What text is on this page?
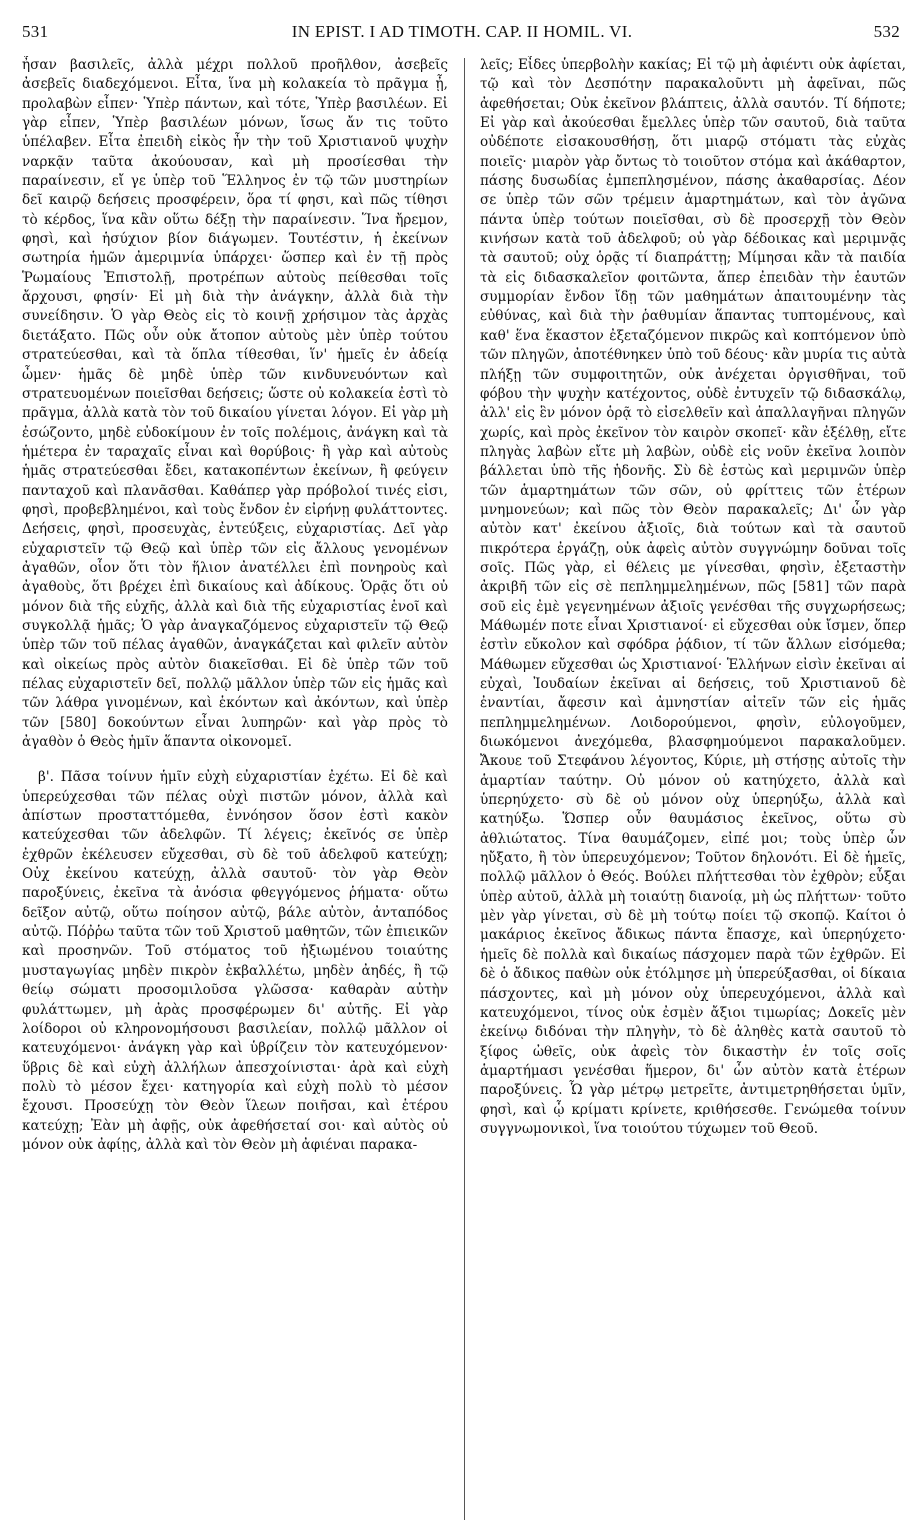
531	IN EPIST. I AD TIMOTH. CAP. II HOMIL. VI.	532

ἦσαν βασιλεῖς, ἀλλὰ μέχρι πολλοῦ προῆλθον, ἀσεβεῖς ἀσεβεῖς διαδεχόμενοι. Εἶτα, ἵνα μὴ κολακεία τὸ πρᾶγμα ᾖ, προλαβὼν εἶπεν· Ὑπὲρ πάντων, καὶ τότε, Ὑπὲρ βασιλέων. Εἰ γὰρ εἶπεν, Ὑπὲρ βασιλέων μόνων, ἴσως ἄν τις τοῦτο ὑπέλαβεν. Εἶτα ἐπειδὴ εἰκὸς ἦν τὴν τοῦ Χριστιανοῦ ψυχὴν ναρκᾷν ταῦτα ἀκούουσαν, καὶ μὴ προσίεσθαι τὴν παραίνεσιν, εἴ γε ὑπὲρ τοῦ Ἕλληνος ἐν τῷ τῶν μυστηρίων δεῖ καιρῷ δεήσεις προσφέρειν, ὅρα τί φησι, καὶ πῶς τίθησι τὸ κέρδος, ἵνα κἂν οὕτω δέξῃ τὴν παραίνεσιν. Ἵνα ἤρεμον, φησὶ, καὶ ἡσύχιον βίον διάγωμεν. Τουτέστιν, ἡ ἐκείνων σωτηρία ἡμῶν ἀμεριμνία ὑπάρχει· ὥσπερ καὶ ἐν τῇ πρὸς Ῥωμαίους Ἐπιστολῇ, προτρέπων αὐτοὺς πείθεσθαι τοῖς ἄρχουσι, φησίν· Εἰ μὴ διὰ τὴν ἀνάγκην, ἀλλὰ διὰ τὴν συνείδησιν. Ὁ γὰρ Θεὸς εἰς τὸ κοινῇ χρήσιμον τὰς ἀρχὰς διετάξατο. Πῶς οὖν οὐκ ἄτοπον αὐτοὺς μὲν ὑπὲρ τούτου στρατεύεσθαι, καὶ τὰ ὅπλα τίθεσθαι, ἵν' ἡμεῖς ἐν ἀδείᾳ ὦμεν· ἡμᾶς δὲ μηδὲ ὑπὲρ τῶν κινδυνευόντων καὶ στρατευομένων ποιεῖσθαι δεήσεις; ὥστε οὐ κολακεία ἐστὶ τὸ πρᾶγμα, ἀλλὰ κατὰ τὸν τοῦ δικαίου γίνεται λόγον. Εἰ γὰρ μὴ ἐσώζοντο, μηδὲ εὐδοκίμουν ἐν τοῖς πολέμοις, ἀνάγκη καὶ τὰ ἡμέτερα ἐν ταραχαῖς εἶναι καὶ θορύβοις· ἢ γὰρ καὶ αὐτοὺς ἡμᾶς στρατεύεσθαι ἔδει, κατακοπέντων ἐκείνων, ἢ φεύγειν πανταχοῦ καὶ πλανᾶσθαι. Καθάπερ γὰρ πρόβολοί τινές εἰσι, φησὶ, προβεβλημένοι, καὶ τοὺς ἔνδον ἐν εἰρήνῃ φυλάττοντες. Δεήσεις, φησὶ, προσευχὰς, ἐντεύξεις, εὐχαριστίας. Δεῖ γὰρ εὐχαριστεῖν τῷ Θεῷ καὶ ὑπὲρ τῶν εἰς ἄλλους γενομένων ἀγαθῶν, οἷον ὅτι τὸν ἥλιον ἀνατέλλει ἐπὶ πονηροὺς καὶ ἀγαθοὺς, ὅτι βρέχει ἐπὶ δικαίους καὶ ἀδίκους. Ὁρᾷς ὅτι οὐ μόνον διὰ τῆς εὐχῆς, ἀλλὰ καὶ διὰ τῆς εὐχαριστίας ἑνοῖ καὶ συγκολλᾷ ἡμᾶς; Ὁ γὰρ ἀναγκαζόμενος εὐχαριστεῖν τῷ Θεῷ ὑπὲρ τῶν τοῦ πέλας ἀγαθῶν, ἀναγκάζεται καὶ φιλεῖν αὐτὸν καὶ οἰκείως πρὸς αὐτὸν διακεῖσθαι. Εἰ δὲ ὑπὲρ τῶν τοῦ πέλας εὐχαριστεῖν δεῖ, πολλῷ μᾶλλον ὑπὲρ τῶν εἰς ἡμᾶς καὶ τῶν λάθρα γινομένων, καὶ ἑκόντων καὶ ἀκόντων, καὶ ὑπὲρ τῶν [580] δοκούντων εἶναι λυπηρῶν· καὶ γὰρ πρὸς τὸ ἀγαθὸν ὁ Θεὸς ἡμῖν ἅπαντα οἰκονομεῖ.

β'. Πᾶσα τοίνυν ἡμῖν εὐχὴ εὐχαριστίαν ἐχέτω. Εἰ δὲ καὶ ὑπερεύχεσθαι τῶν πέλας οὐχὶ πιστῶν μόνον, ἀλλὰ καὶ ἀπίστων προσταττόμεθα, ἐννόησον ὅσον ἐστὶ κακὸν κατεύχεσθαι τῶν ἀδελφῶν. Τί λέγεις; ἐκεῖνός σε ὑπὲρ ἐχθρῶν ἐκέλευσεν εὔχεσθαι, σὺ δὲ τοῦ ἀδελφοῦ κατεύχῃ; Οὐχ ἐκείνου κατεύχῃ, ἀλλὰ σαυτοῦ· τὸν γὰρ Θεὸν παροξύνεις, ἐκεῖνα τὰ ἀνόσια φθεγγόμενος ῥήματα· οὕτω δεῖξον αὐτῷ, οὕτω ποίησον αὐτῷ, βάλε αὐτὸν, ἀνταπόδος αὐτῷ. Πόῤῥω ταῦτα τῶν τοῦ Χριστοῦ μαθητῶν, τῶν ἐπιεικῶν καὶ πρoσηνῶν. Τοῦ στόματος τοῦ ἠξιωμένου τοιαύτης μυσταγωγίας μηδὲν πικρὸν ἐκβαλλέτω, μηδὲν ἀηδές, ἢ τῷ θείῳ σώματι προσομιλοῦσα γλῶσσα· καθαρὰν αὐτὴν φυλάττωμεν, μὴ ἀρὰς προσφέρωμεν δι' αὐτῆς. Εἰ γὰρ λοίδοροι οὐ κληρονομήσουσι βασιλείαν, πολλῷ μᾶλλον οἱ κατευχόμενοι· ἀνάγκη γὰρ καὶ ὑβρίζειν τὸν κατευχόμενον· ὕβρις δὲ καὶ εὐχὴ ἀλλήλων ἀπεσχοίνισται· ἀρὰ καὶ εὐχὴ πολὺ τὸ μέσον ἔχει· κατηγορία καὶ εὐχὴ πολὺ τὸ μέσον ἔχουσι. Προσεύχῃ τὸν Θεὸν ἵλεων ποιῆσαι, καὶ ἑτέρου κατεύχῃ; Ἐὰν μὴ ἀφῇς, οὐκ ἀφεθήσεταί σοι· καὶ αὐτὸς οὐ μόνον οὐκ ἀφίῃς, ἀλλὰ καὶ τὸν Θεὸν μὴ ἀφιέναι παρακα-

λεῖς; Εἶδες ὑπερβολὴν κακίας; Εἰ τῷ μὴ ἀφιέντι οὐκ ἀφίεται, τῷ καὶ τὸν Δεσπότην παρακαλοῦντι μὴ ἀφεῖναι, πῶς ἀφεθήσεται; Οὐκ ἐκεῖνον βλάπτεις, ἀλλὰ σαυτόν. Τί δήποτε; Εἰ γὰρ καὶ ἀκούεσθαι ἔμελλες ὑπὲρ τῶν σαυτοῦ, διὰ ταῦτα οὐδέποτε εἰσακουσθήσῃ, ὅτι μιαρῷ στόματι τὰς εὐχὰς ποιεῖς· μιαρὸν γὰρ ὄντως τὸ τοιοῦτον στόμα καὶ ἀκάθαρτον, πάσης δυσωδίας ἐμπεπλησμένον, πάσης ἀκαθαρσίας. Δέον σε ὑπὲρ τῶν σῶν τρέμειν ἁμαρτημάτων, καὶ τὸν ἀγῶνα πάντα ὑπὲρ τούτων ποιεῖσθαι, σὺ δὲ προσερχῇ τὸν Θεὸν κινήσων κατὰ τοῦ ἀδελφοῦ; οὐ γὰρ δέδοικας καὶ μεριμνᾷς τὰ σαυτοῦ; οὐχ ὁρᾷς τί διαπράττῃ; Μίμησαι κἂν τὰ παιδία τὰ εἰς διδασκαλεῖον φοιτῶντα, ἅπερ ἐπειδὰν τὴν ἑαυτῶν συμμορίαν ἔνδον ἴδῃ τῶν μαθημάτων ἀπαιτουμένην τὰς εὐθύνας, καὶ διὰ τὴν ῥαθυμίαν ἅπαντας τυπτομένους, καὶ καθ' ἕνα ἕκαστον ἐξεταζόμενον πικρῶς καὶ κοπτόμενον ὑπὸ τῶν πληγῶν, ἀποτέθνηκεν ὑπὸ τοῦ δέους· κἂν μυρία τις αὐτὰ πλήξῃ τῶν συμφοιτητῶν, οὐκ ἀνέχεται ὀργισθῆναι, τοῦ φόβου τὴν ψυχὴν κατέχοντος, οὐδὲ ἐντυχεῖν τῷ διδασκάλῳ, ἀλλ' εἰς ἓν μόνον ὁρᾷ τὸ εἰσελθεῖν καὶ ἀπαλλαγῆναι πληγῶν χωρίς, καὶ πρὸς ἐκεῖνον τὸν καιρὸν σκοπεῖ· κἂν ἐξέλθῃ, εἴτε πληγὰς λαβὼν εἴτε μὴ λαβὼν, οὐδὲ εἰς νοῦν ἐκεῖνα λοιπὸν βάλλεται ὑπὸ τῆς ἡδονῆς. Σὺ δὲ ἑστὼς καὶ μεριμνῶν ὑπὲρ τῶν ἁμαρτημάτων τῶν σῶν, οὐ φρίττεις τῶν ἑτέρων μνημονεύων; καὶ πῶς τὸν Θεὸν παρακαλεῖς; Δι' ὧν γὰρ αὐτὸν κατ' ἐκείνου ἀξιοῖς, διὰ τούτων καὶ τὰ σαυτοῦ πικρότερα ἐργάζῃ, οὐκ ἀφεὶς αὐτὸν συγγνώμην δοῦναι τοῖς σοῖς. Πῶς γὰρ, εἰ θέλεις με γίνεσθαι, φησὶν, ἐξεταστὴν ἀκριβῆ τῶν εἰς σὲ πεπλημμελημένων, πῶς [581] τῶν παρὰ σοῦ εἰς ἐμὲ γεγενημένων ἀξιοῖς γενέσθαι τῆς συγχωρήσεως; Μάθωμέν ποτε εἶναι Χριστιανοί· εἰ εὔχεσθαι οὐκ ἴσμεν, ὅπερ ἐστὶν εὔκολον καὶ σφόδρα ῥᾴδιον, τί τῶν ἄλλων εἰσόμεθα; Μάθωμεν εὔχεσθαι ὡς Χριστιανοί· Ἑλλήνων εἰσὶν ἐκεῖναι αἱ εὐχαὶ, Ἰουδαίων ἐκεῖναι αἱ δεήσεις, τοῦ Χριστιανοῦ δὲ ἐναντίαι, ἄφεσιν καὶ ἀμνηστίαν αἰτεῖν τῶν εἰς ἡμᾶς πεπλημμελημένων. Λοιδορούμενοι, φησὶν, εὐλογοῦμεν, διωκόμενοι ἀνεχόμεθα, βλασφημούμενοι παρακαλοῦμεν. Ἄκουε τοῦ Στεφάνου λέγοντος, Κύριε, μὴ στήσῃς αὐτοῖς τὴν ἁμαρτίαν ταύτην. Οὐ μόνον οὐ κατηύχετο, ἀλλὰ καὶ ὑπερηύχετο· σὺ δὲ οὐ μόνον οὐχ ὑπερηύξω, ἀλλὰ καὶ κατηύξω. Ὥσπερ οὖν θαυμάσιος ἐκεῖνος, οὕτω σὺ ἀθλιώτατος. Τίνα θαυμάζομεν, εἰπέ μοι; τοὺς ὑπὲρ ὧν ηὔξατο, ἢ τὸν ὑπερευχόμενον; Τοῦτον δηλονότι. Εἰ δὲ ἡμεῖς, πολλῷ μᾶλλον ὁ Θεός. Βούλει πλήττεσθαι τὸν ἐχθρὸν; εὖξαι ὑπὲρ αὐτοῦ, ἀλλὰ μὴ τοιαύτῃ διανοίᾳ, μὴ ὡς πλήττων· τοῦτο μὲν γὰρ γίνεται, σὺ δὲ μὴ τούτῳ ποίει τῷ σκοπῷ. Καίτοι ὁ μακάριος ἐκεῖνος ἄδικως πάντα ἔπασχε, καὶ ὑπερηύχετο· ἡμεῖς δὲ πολλὰ καὶ δικαίως πάσχομεν παρὰ τῶν ἐχθρῶν. Εἰ δὲ ὁ ἄδικος παθὼν οὐκ ἐτόλμησε μὴ ὑπερεύξασθαι, οἱ δίκαια πάσχοντες, καὶ μὴ μόνον οὐχ ὑπερευχόμενοι, ἀλλὰ καὶ κατευχόμενοι, τίνος οὐκ ἐσμὲν ἄξιοι τιμωρίας; Δοκεῖς μὲν ἐκείνῳ διδόναι τὴν πληγὴν, τὸ δὲ ἀληθὲς κατὰ σαυτοῦ τὸ ξίφος ὠθεῖς, οὐκ ἀφεὶς τὸν δικαστὴν ἐν τοῖς σοῖς ἁμαρτήμασι γενέσθαι ἥμερον, δι' ὧν αὐτὸν κατὰ ἑτέρων παροξύνεις. Ὧ γὰρ μέτρῳ μετρεῖτε, ἀντιμετρηθήσεται ὑμῖν, φησὶ, καὶ ᾧ κρίματι κρίνετε, κριθήσεσθε. Γενώμεθα τοίνυν συγγνωμονικοὶ, ἵνα τοιούτου τύχωμεν τοῦ Θεοῦ.
